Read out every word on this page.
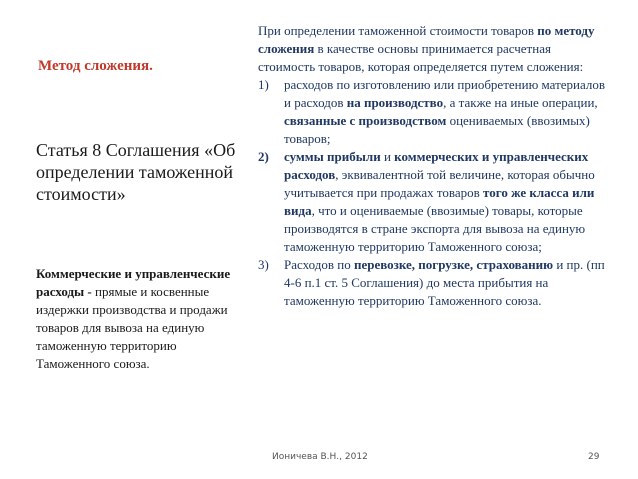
Метод сложения.
Статья 8 Соглашения «Об определении таможенной стоимости»
Коммерческие и управленческие расходы - прямые и косвенные издержки производства и продажи товаров для вывоза на единую таможенную территорию Таможенного союза.

При определении таможенной стоимости товаров по методу сложения в качестве основы принимается расчетная стоимость товаров, которая определяется путем сложения:

1) расходов по изготовлению или приобретению материалов и расходов на производство, а также на иные операции, связанные с производством оцениваемых (ввозимых) товаров;
2) суммы прибыли и коммерческих и управленческих расходов, эквивалентной той величине, которая обычно учитывается при продажах товаров того же класса или вида, что и оцениваемые (ввозимые) товары, которые производятся в стране экспорта для вывоза на единую таможенную территорию Таможенного союза;
3) Расходов по перевозке, погрузке, страхованию и пр. (пп 4-6 п.1 ст. 5 Соглашения) до места прибытия на таможенную территорию Таможенного союза.
Ионичева В.Н., 2012	29
